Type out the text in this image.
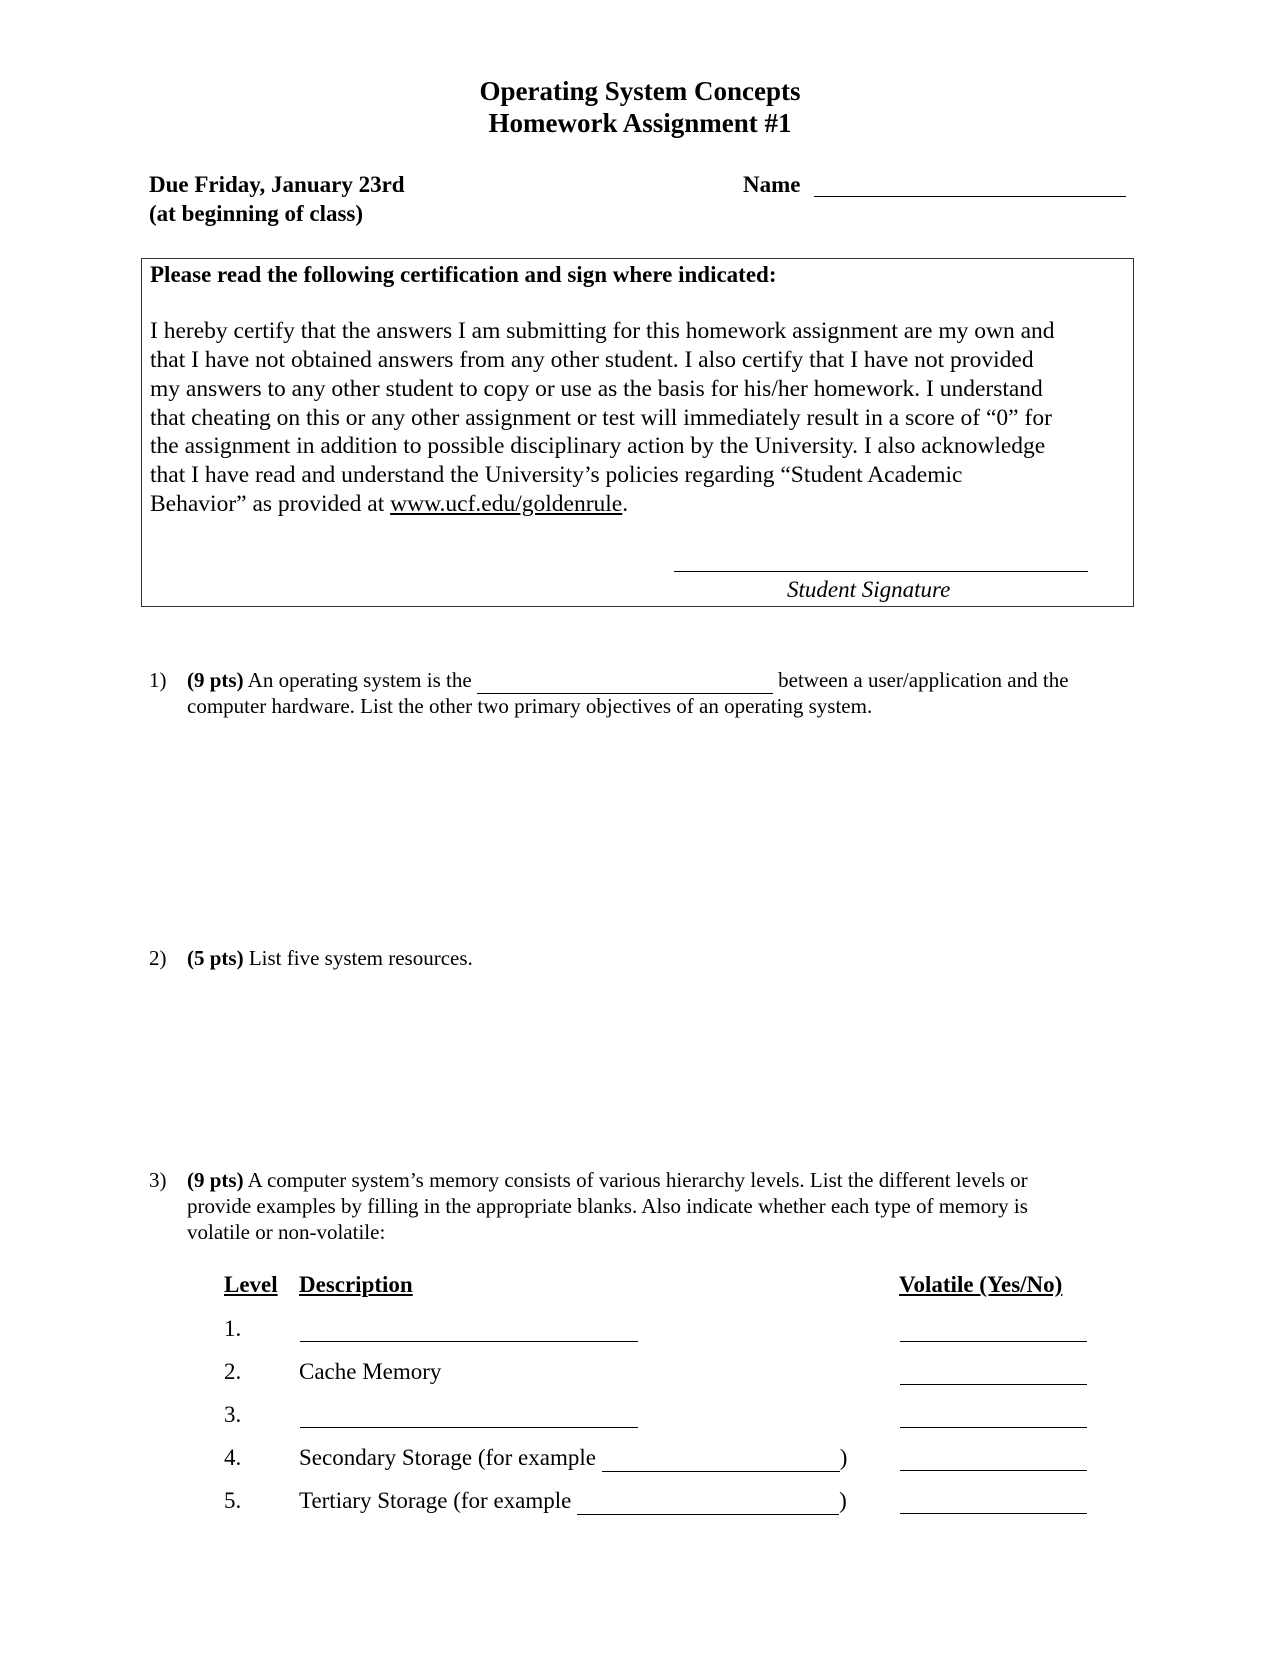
Operating System Concepts
Homework Assignment #1
Due Friday, January 23rd
(at beginning of class)
Name
Please read the following certification and sign where indicated:
I hereby certify that the answers I am submitting for this homework assignment are my own and
that I have not obtained answers from any other student. I also certify that I have not provided
my answers to any other student to copy or use as the basis for his/her homework. I understand
that cheating on this or any other assignment or test will immediately result in a score of “0” for
the assignment in addition to possible disciplinary action by the University. I also acknowledge
that I have read and understand the University’s policies regarding “Student Academic
Behavior” as provided at www.ucf.edu/goldenrule.
Student Signature
1) (9 pts) An operating system is the	between a user/application and the
computer hardware. List the other two primary objectives of an operating system.
2) (5 pts) List five system resources.
3) (9 pts) A computer system’s memory consists of various hierarchy levels. List the different levels or
provide examples by filling in the appropriate blanks. Also indicate whether each type of memory is
volatile or non-volatile:
Level Description	Volatile (Yes/No)
1.
2.	Cache Memory
3.
4.	Secondary Storage (for example	)
5.	Tertiary Storage (for example	)
